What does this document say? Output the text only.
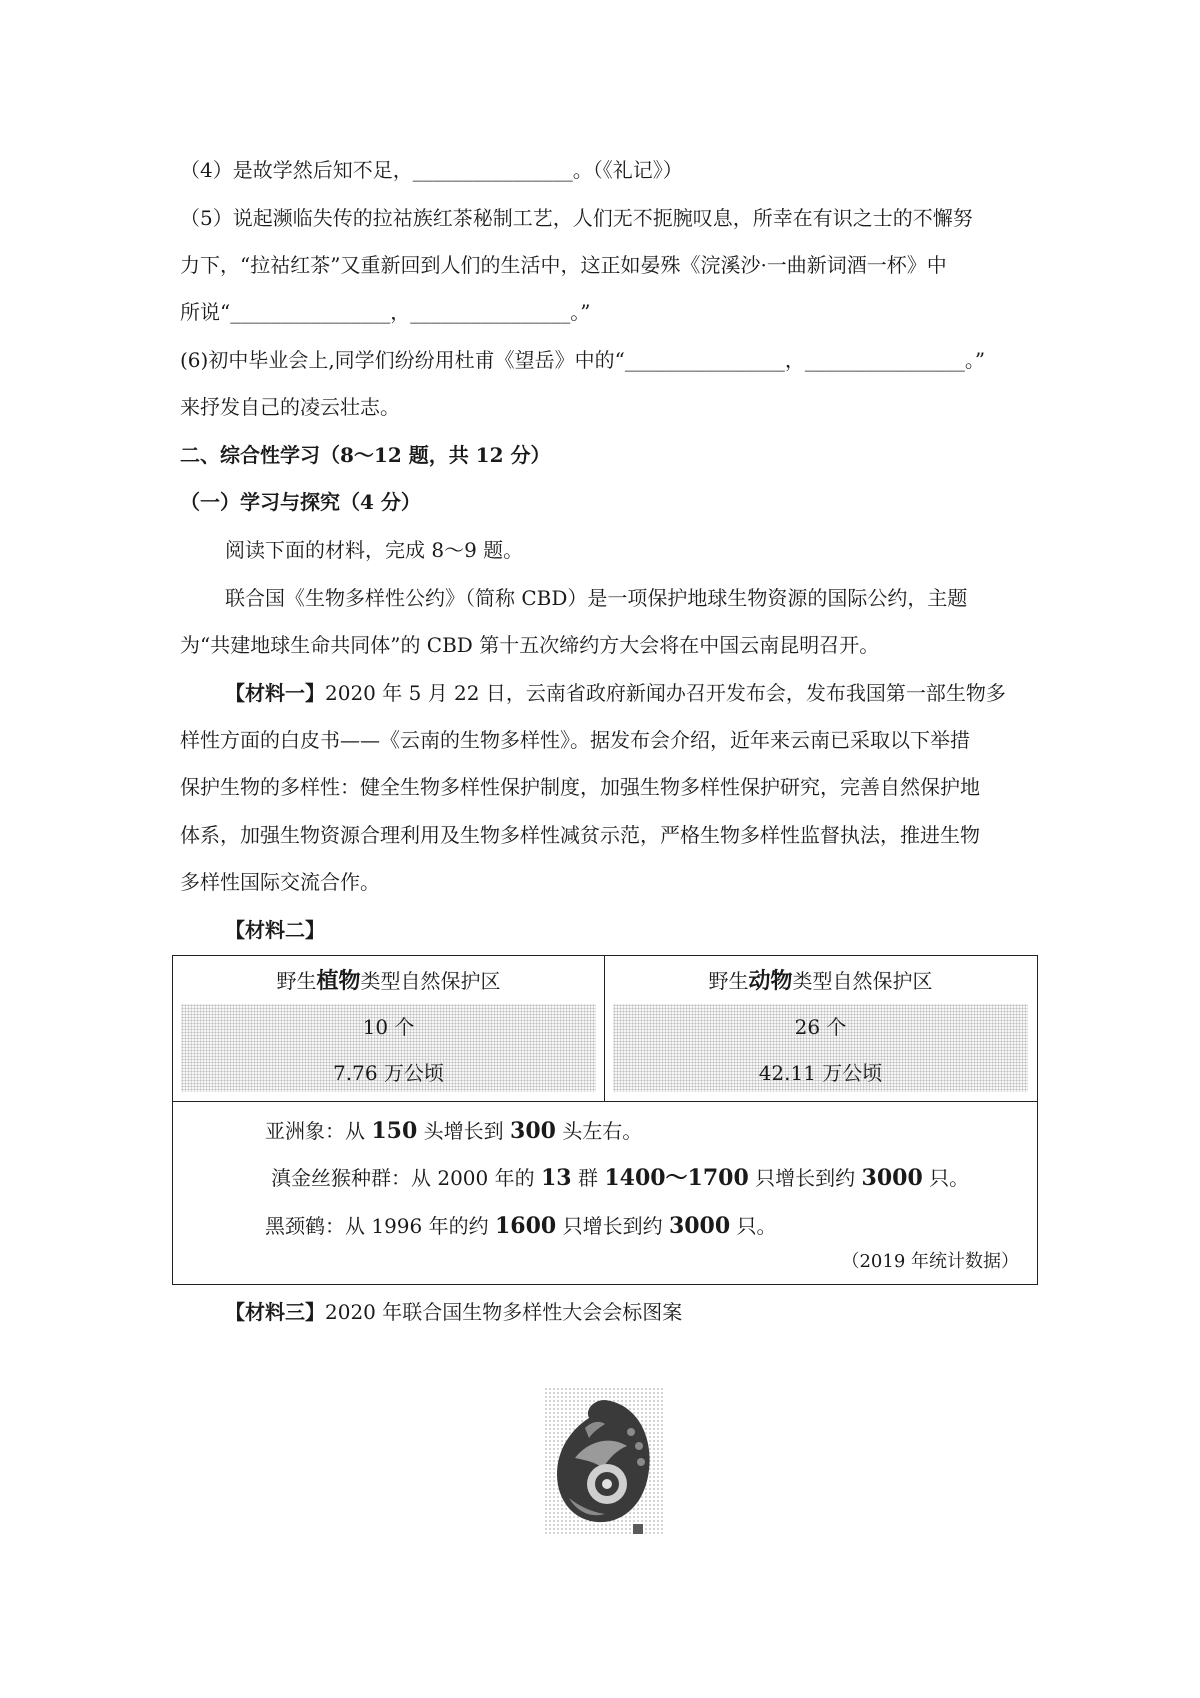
（4）是故学然后知不足，________________。（《礼记》）
（5）说起濒临失传的拉祜族红茶秘制工艺，人们无不扼腕叹息，所幸在有识之士的不懈努
力下，“拉祜红茶”又重新回到人们的生活中，这正如晏殊《浣溪沙·一曲新词酒一杯》中
所说“________________，________________。”
(6)初中毕业会上,同学们纷纷用杜甫《望岳》中的“________________，________________。”
来抒发自己的凌云壮志。
二、综合性学习（8～12 题，共 12 分）
（一）学习与探究（4 分）
阅读下面的材料，完成 8～9 题。
联合国《生物多样性公约》（简称 CBD）是一项保护地球生物资源的国际公约，主题
为“共建地球生命共同体”的 CBD 第十五次缔约方大会将在中国云南昆明召开。
【材料一】2020 年 5 月 22 日，云南省政府新闻办召开发布会，发布我国第一部生物多
样性方面的白皮书——《云南的生物多样性》。据发布会介绍，近年来云南已采取以下举措
保护生物的多样性：健全生物多样性保护制度，加强生物多样性保护研究，完善自然保护地
体系，加强生物资源合理利用及生物多样性减贫示范，严格生物多样性监督执法，推进生物
多样性国际交流合作。
【材料二】
野生植物类型自然保护区
10 个
7.76 万公顷
野生动物类型自然保护区
26 个
42.11 万公顷
亚洲象：从 150 头增长到 300 头左右。
滇金丝猴种群：从 2000 年的 13 群 1400～1700 只增长到约 3000 只。
黑颈鹤：从 1996 年的约 1600 只增长到约 3000 只。
（2019 年统计数据）
【材料三】2020 年联合国生物多样性大会会标图案
